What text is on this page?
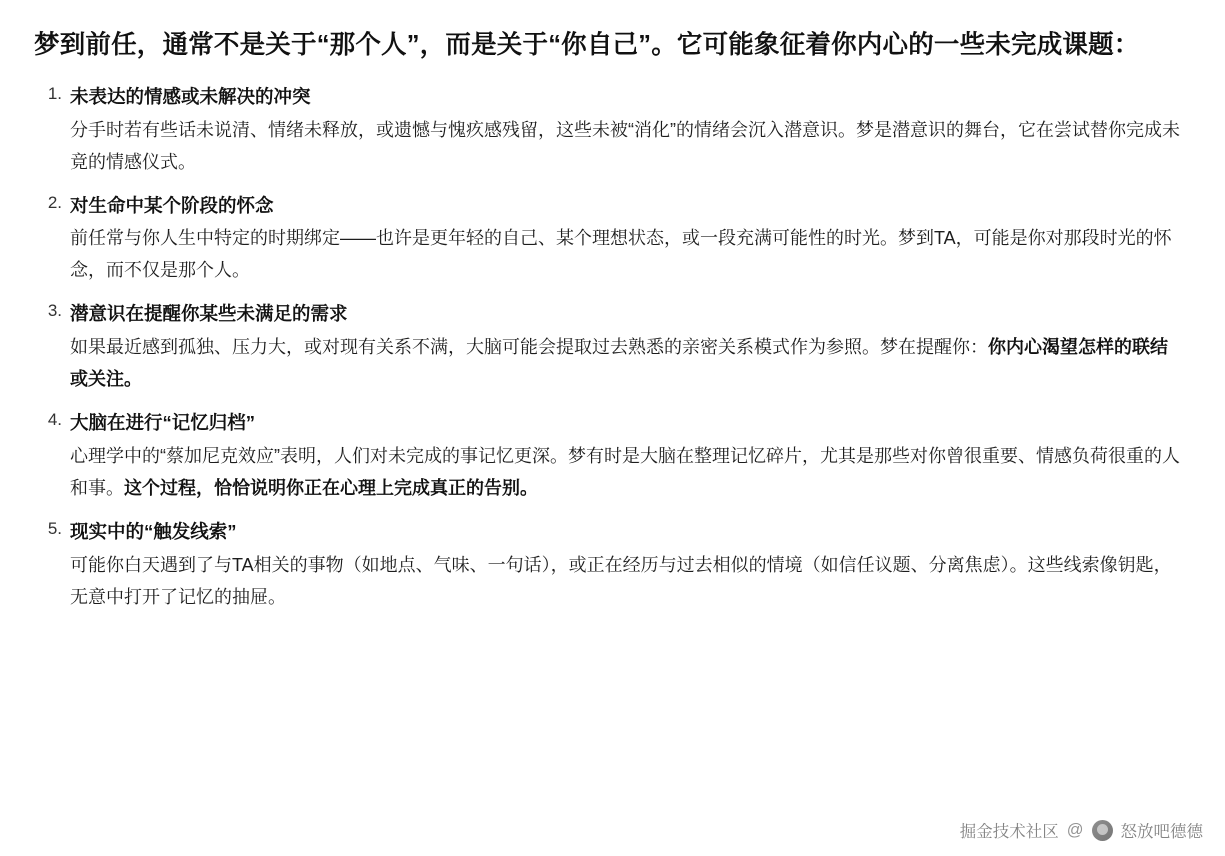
梦到前任，通常不是关于“那个人”，而是关于“你自己”。它可能象征着你内心的一些未完成课题：
1. 未表达的情感或未解决的冲突
分手时若有些话未说清、情绪未释放，或遗憾与愧疚感残留，这些未被“消化”的情绪会沉入潜意识。梦是潜意识的舞台，它在尝试替你完成未竟的情感仪式。
2. 对生命中某个阶段的怀念
前任常与你人生中特定的时期绑定——也许是更年轻的自己、某个理想状态，或一段充满可能性的时光。梦到TA，可能是你对那段时光的怀念，而不仅是那个人。
3. 潜意识在提醒你某些未满足的需求
如果最近感到孤独、压力大，或对现有关系不满，大脑可能会提取过去熟悉的亲密关系模式作为参照。梦在提醒你：你内心渴望怎样的联结或关注。
4. 大脑在进行“记忆归档”
心理学中的“蔡加尼克效应”表明，人们对未完成的事记忆更深。梦有时是大脑在整理记忆碎片，尤其是那些对你曾很重要、情感负荷很重的人和事。这个过程，恰恰说明你正在心理上完成真正的告别。
5. 现实中的“触发线索”
可能你白天遇到了与TA相关的事物（如地点、气味、一句话），或正在经历与过去相似的情境（如信任议题、分离焦虑）。这些线索像钥匙，无意中打开了记忆的抽屉。
掘金技术社区 @ 怒放吧德德
